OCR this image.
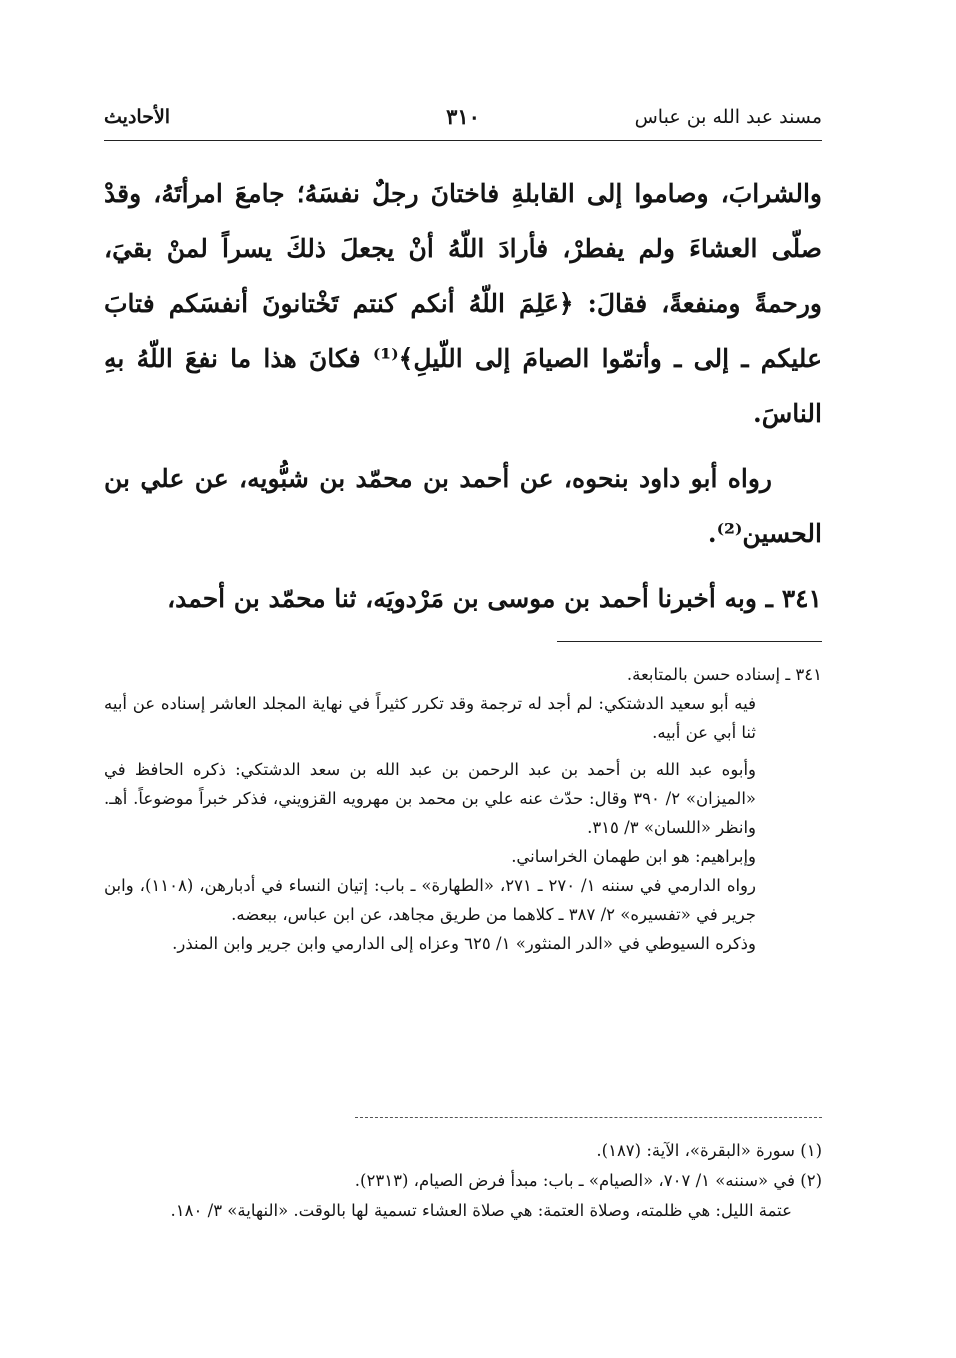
مسند عبد الله بن عباس
٣١٠
الأحاديث

والشرابَ، وصاموا إلى القابلةِ فاختانَ رجلٌ نفسَهُ؛ جامعَ امرأتَهُ، وقدْ صلّى العشاءَ ولم يفطرْ، فأرادَ اللّهُ أنْ يجعلَ ذلكَ يسراً لمنْ بقيَ، ورحمةً ومنفعةً، فقالَ: ﴿عَلِمَ اللّهُ أنكم كنتم تَخْتانونَ أنفسَكم فتابَ عليكم ـ إلى ـ وأتمّوا الصيامَ إلى اللّيلِ﴾⁽¹⁾ فكانَ هذا ما نفعَ اللّهُ بهِ الناسَ.

رواه أبو داود بنحوه، عن أحمد بن محمّد بن شبُّويه، عن علي بن الحسين⁽²⁾.

٣٤١ ـ وبه أخبرنا أحمد بن موسى بن مَرْدويَه، ثنا محمّد بن أحمد،

٣٤١ ـ إسناده حسن بالمتابعة.

فيه أبو سعيد الدشتكي: لم أجد له ترجمة وقد تكرر كثيراً في نهاية المجلد العاشر إسناده عن أبيه ثنا أبي عن أبيه.

وأبوه عبد الله بن أحمد بن عبد الرحمن بن عبد الله بن سعد الدشتكي: ذكره الحافظ في «الميزان» ٢/ ٣٩٠ وقال: حدّث عنه علي بن محمد بن مهرويه القزويني، فذكر خبراً موضوعاً. أهـ. وانظر «اللسان» ٣/ ٣١٥.

وإبراهيم: هو ابن طهمان الخراساني.

رواه الدارمي في سننه ١/ ٢٧٠ ـ ٢٧١، «الطهارة» ـ باب: إتيان النساء في أدبارهن، (١١٠٨)، وابن جرير في «تفسيره» ٢/ ٣٨٧ ـ كلاهما من طريق مجاهد، عن ابن عباس، ببعضه.

وذكره السيوطي في «الدر المنثور» ١/ ٦٢٥ وعزاه إلى الدارمي وابن جرير وابن المنذر.

(١) سورة «البقرة»، الآية: (١٨٧).

(٢) في «سننه» ١/ ٧٠٧، «الصيام» ـ باب: مبدأ فرض الصيام، (٢٣١٣).

عتمة الليل: هي ظلمته، وصلاة العتمة: هي صلاة العشاء تسمية لها بالوقت. «النهاية» ٣/ ١٨٠.
